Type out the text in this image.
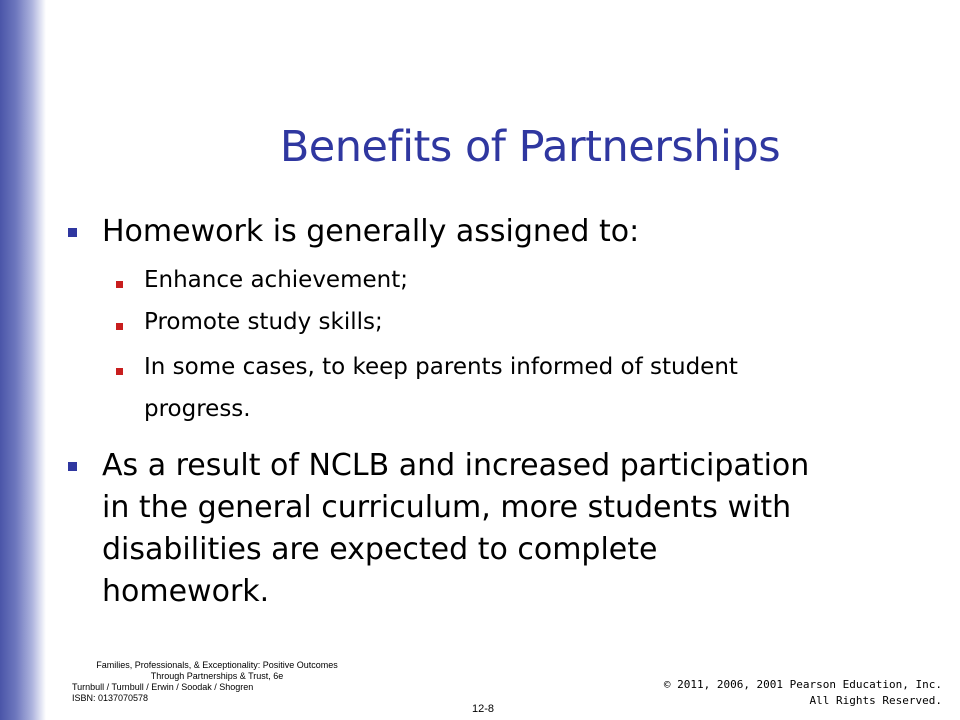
Benefits of Partnerships
Homework is generally assigned to:
Enhance achievement;
Promote study skills;
In some cases, to keep parents informed of student
progress.
As a result of NCLB and increased participation
in the general curriculum, more students with
disabilities are expected to complete
homework.
Families, Professionals, & Exceptionality: Positive Outcomes
Through Partnerships & Trust, 6e
Turnbull / Turnbull / Erwin / Soodak / Shogren
ISBN: 0137070578
12-8
© 2011, 2006, 2001 Pearson Education, Inc.
All Rights Reserved.
